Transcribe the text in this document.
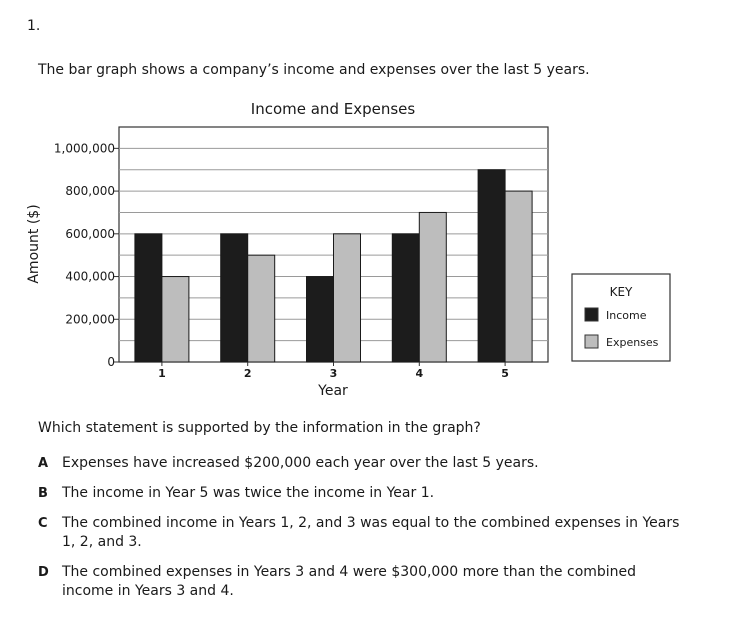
1.
The bar graph shows a company’s income and expenses over the last 5 years.
Income and Expenses
0
200,000
400,000
600,000
800,000
1,000,000
1	2	3	4	5
Year
Amount ($)
KEY
Income
Expenses
Which statement is supported by the information in the graph?
A Expenses have increased $200,000 each year over the last 5 years.
B The income in Year 5 was twice the income in Year 1.
C The combined income in Years 1, 2, and 3 was equal to the combined expenses in Years 1, 2, and 3.
D The combined expenses in Years 3 and 4 were $300,000 more than the combined income in Years 3 and 4.
